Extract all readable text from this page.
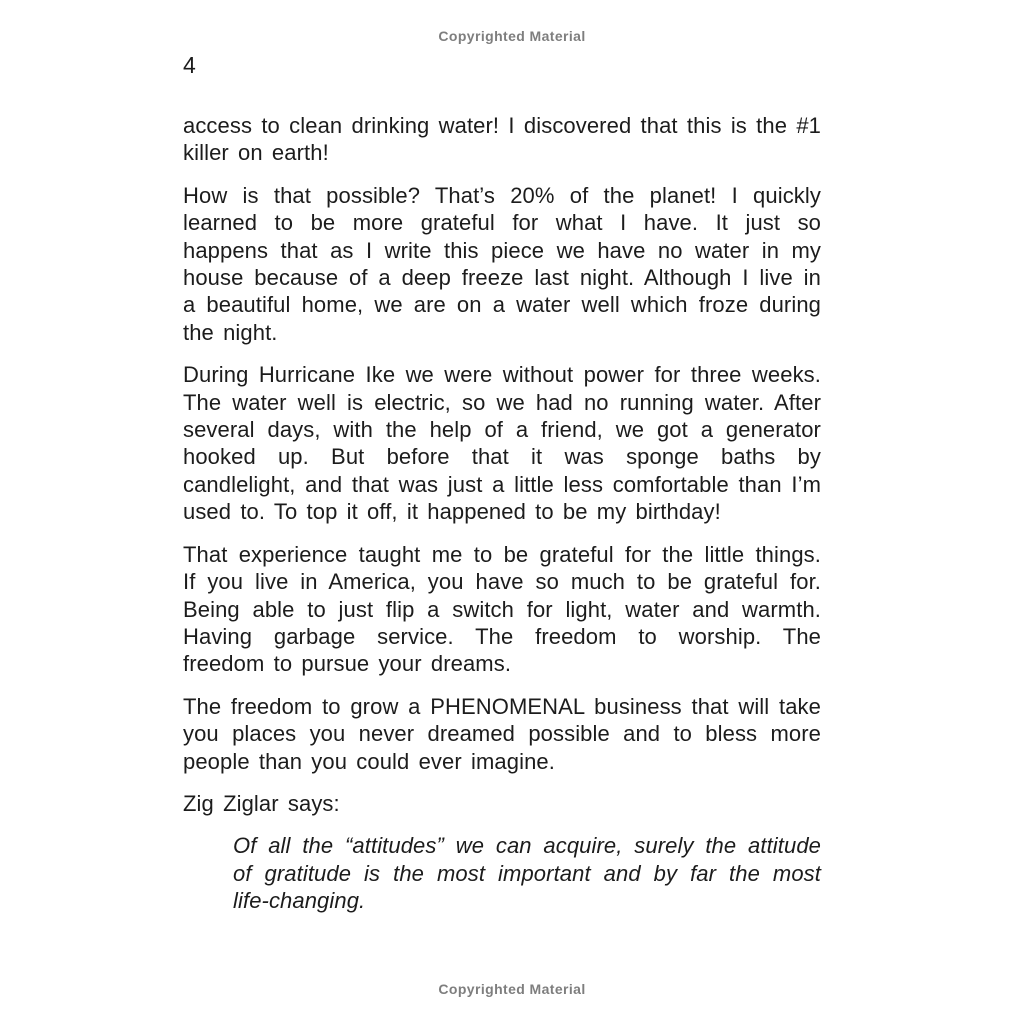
Copyrighted Material
4

access to clean drinking water! I discovered that this is the #1 killer on earth!

How is that possible? That’s 20% of the planet! I quickly learned to be more grateful for what I have. It just so happens that as I write this piece we have no water in my house because of a deep freeze last night. Although I live in a beautiful home, we are on a water well which froze during the night.

During Hurricane Ike we were without power for three weeks. The water well is electric, so we had no running water. After several days, with the help of a friend, we got a generator hooked up. But before that it was sponge baths by candlelight, and that was just a little less comfortable than I’m used to. To top it off, it happened to be my birthday!

That experience taught me to be grateful for the little things. If you live in America, you have so much to be grateful for. Being able to just flip a switch for light, water and warmth. Having garbage service. The freedom to worship. The freedom to pursue your dreams.

The freedom to grow a PHENOMENAL business that will take you places you never dreamed possible and to bless more people than you could ever imagine.

Zig Ziglar says:

Of all the “attitudes” we can acquire, surely the attitude of gratitude is the most important and by far the most life-changing.
Copyrighted Material
